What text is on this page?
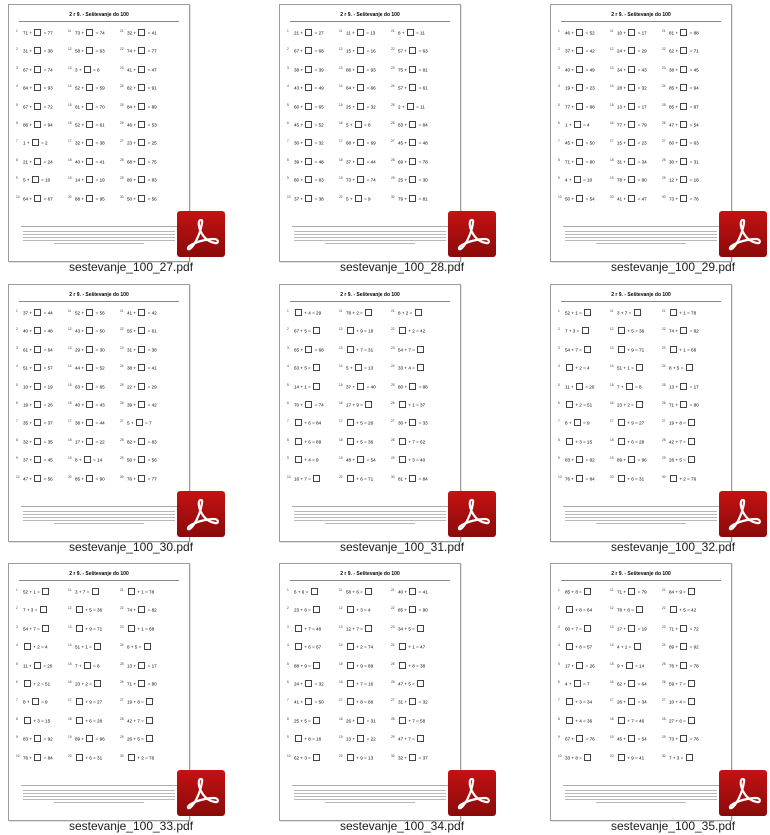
2 r 9. - Seštevanje do 100
1 71 +  = 77	11 73 +  = 74	21 32 +  = 41
2 31 +  = 38	12 58 +  = 63	22 74 +  = 77
3 67 +  = 74	13 3 +  = 8	23 41 +  = 47
4 84 +  = 93	14 52 +  = 59	24 82 +  = 91
5 67 +  = 72	15 61 +  = 70	25 84 +  = 89
6 86 +  = 94	16 52 +  = 61	26 46 +  = 53
7 1 +  = 2	17 32 +  = 38	27 23 +  = 25
8 21 +  = 24	18 40 +  = 41	28 68 +  = 75
9 5 +  = 10	19 14 +  = 19	29 80 +  = 83
10 64 +  = 67	20 88 +  = 95	30 50 +  = 56
sestevanje_100_27.pdf
2 r 9. - Seštevanje do 100
1 21 +  = 27	11 11 +  = 13	21 8 +  = 11
2 67 +  = 68	12 15 +  = 16	22 57 +  = 63
3 38 +  = 39	13 86 +  = 93	23 75 +  = 81
4 43 +  = 49	14 64 +  = 66	24 57 +  = 61
5 60 +  = 65	15 25 +  = 32	25 2 +  = 11
6 45 +  = 52	16 5 +  = 8	26 83 +  = 84
7 30 +  = 32	17 68 +  = 69	27 45 +  = 48
8 39 +  = 48	18 37 +  = 44	28 69 +  = 78
9 80 +  = 83	19 73 +  = 74	29 25 +  = 30
10 37 +  = 38	20 5 +  = 9	30 79 +  = 81
sestevanje_100_28.pdf
2 r 9. - Seštevanje do 100
1 46 +  = 52	11 10 +  = 17	21 81 +  = 88
2 37 +  = 42	12 24 +  = 29	22 62 +  = 71
3 40 +  = 49	13 34 +  = 43	23 38 +  = 45
4 19 +  = 23	14 28 +  = 32	24 85 +  = 94
5 77 +  = 88	15 13 +  = 17	25 85 +  = 87
6 1 +  = 4	16 77 +  = 79	26 47 +  = 54
7 45 +  = 50	17 15 +  = 23	27 60 +  = 63
8 71 +  = 80	18 31 +  = 34	28 30 +  = 31
9 4 +  = 10	19 78 +  = 80	29 12 +  = 18
10 50 +  = 54	20 41 +  = 47	30 73 +  = 76
sestevanje_100_29.pdf
2 r 9. - Seštevanje do 100
1 37 +  = 44	11 52 +  = 56	21 41 +  = 42
2 40 +  = 48	12 43 +  = 50	22 55 +  = 61
3 61 +  = 64	13 29 +  = 30	23 31 +  = 38
4 51 +  = 57	14 44 +  = 52	24 38 +  = 41
5 10 +  = 19	15 63 +  = 65	25 22 +  = 29
6 19 +  = 26	16 40 +  = 43	26 39 +  = 42
7 35 +  = 37	17 38 +  = 44	27 5 +  = 7
8 32 +  = 35	18 17 +  = 22	28 82 +  = 83
9 37 +  = 45	19 8 +  = 14	29 50 +  = 56
10 47 +  = 56	20 85 +  = 90	30 76 +  = 77
sestevanje_100_30.pdf
2 r 9. - Seštevanje do 100
1	+ 4 = 29	11 78 + 2 =	21 8 + 2 =
2 67 + 5 =	12	+ 9 = 18	22	+ 2 = 42
3 65 +  = 68	13	+ 7 = 31	23 54 + 7 =
4 63 + 5 =	14 5 +  = 13	24 33 + 4 =
5 14 + 1 =	15 37 +  = 40	25 80 +  = 88
6 70 +  = 74	16 17 + 9 =	26	+ 1 = 37
7	+ 6 = 84	17	+ 5 = 26	27 30 +  = 33
8	+ 6 = 89	18	+ 5 = 36	28	+ 7 = 62
9	+ 4 = 9	19 48 +  = 54	29	+ 3 = 40
10 16 + 7 =	20	+ 6 = 71	30 81 +  = 84
sestevanje_100_31.pdf
2 r 9. - Seštevanje do 100
1 52 + 1 =	11 3 + 7 =	21	+ 1 = 78
2 7 + 3 =	12	+ 5 = 36	22 74 +  = 82
3 54 + 7 =	13	+ 9 = 71	23	+ 1 = 68
4	+ 2 = 4	14 51 + 1 =	24 8 + 5 =
5 11 +  = 20	15 7 +  = 8	25 13 +  = 17
6	+ 2 = 51	16 23 + 2 =	26 71 +  = 80
7 8 +  = 9	17	+ 9 = 27	27 19 + 8 =
8	+ 3 = 15	18	+ 6 = 28	28 42 + 7 =
9 83 +  = 92	19 89 +  = 96	29 26 + 5 =
10 76 +  = 84	20	+ 6 = 31	30	+ 2 = 76
sestevanje_100_32.pdf
2 r 9. - Seštevanje do 100
1 52 + 1 =	11 3 + 7 =	21	+ 1 = 78
2 7 + 3 =	12	+ 5 = 36	22 74 +  = 82
3 54 + 7 =	13	+ 9 = 71	23	+ 1 = 68
4	+ 2 = 4	14 51 + 1 =	24 8 + 5 =
5 11 +  = 20	15 7 +  = 8	25 13 +  = 17
6	+ 2 = 51	16 23 + 2 =	26 71 +  = 80
7 8 +  = 9	17	+ 9 = 27	27 19 + 8 =
8	+ 3 = 15	18	+ 6 = 28	28 42 + 7 =
9 83 +  = 92	19 89 +  = 96	29 26 + 5 =
10 76 +  = 84	20	+ 6 = 31	30	+ 2 = 76
sestevanje_100_33.pdf
2 r 9. - Seštevanje do 100
1 6 + 6 =	11 58 + 6 =	21 40 +  = 41
2 23 + 6 =	12	+ 3 = 4	22 85 +  = 90
3	+ 7 = 48	13 12 + 7 =	23 34 + 5 =
4	+ 6 = 67	14	+ 2 = 74	24	+ 1 = 47
5 88 + 9 =	15	+ 9 = 89	25	+ 8 = 38
6 24 +  = 32	16	+ 7 = 16	26 47 + 5 =
7 41 +  = 50	17	+ 8 = 88	27 31 +  = 32
8 25 + 5 =	18 26 +  = 31	28	+ 7 = 58
9	+ 8 = 16	19 13 +  = 22	29 47 + 7 =
10 62 + 3 =	20	+ 9 = 13	30 32 +  = 37
sestevanje_100_34.pdf
2 r 9. - Seštevanje do 100
1 85 + 8 =	11 71 +  = 79	21 84 + 9 =
2	+ 8 = 64	12 78 + 6 =	22	+ 5 = 42
3 60 + 7 =	13 17 +  = 19	23 71 +  = 72
4	+ 8 = 57	14 4 + 1 =	24 89 +  = 92
5 17 +  = 26	15 9 +  = 14	25 76 +  = 78
6 4 +  = 7	16 62 +  = 64	26 59 + 7 =
7	+ 3 = 34	17 26 +  = 34	27 10 + 4 =
8	+ 4 = 36	18	+ 7 = 46	28 27 + 6 =
9 67 +  = 76	19 45 +  = 54	29 73 +  = 76
10 33 + 8 =	20	+ 9 = 41	30 7 + 3 =
sestevanje_100_35.pdf
